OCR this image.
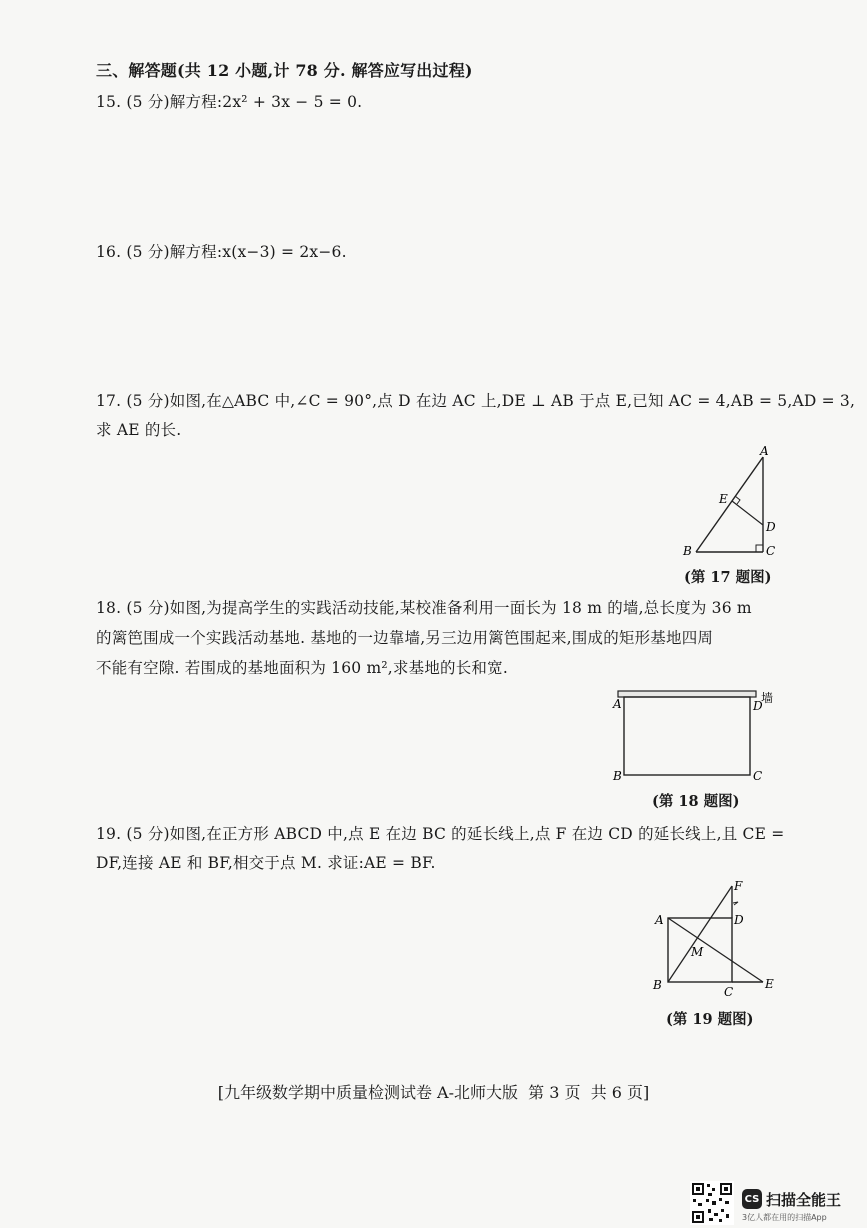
三、解答题(共 12 小题,计 78 分. 解答应写出过程)
15. (5 分)解方程:2x² + 3x − 5 = 0.
16. (5 分)解方程:x(x−3) = 2x−6.
17. (5 分)如图,在△ABC 中,∠C = 90°,点 D 在边 AC 上,DE ⊥ AB 于点 E,已知 AC = 4,AB = 5,AD = 3,
求 AE 的长.
A
B	C
D
E
(第 17 题图)
18. (5 分)如图,为提高学生的实践活动技能,某校准备利用一面长为 18 m 的墙,总长度为 36 m
的篱笆围成一个实践活动基地. 基地的一边靠墙,另三边用篱笆围起来,围成的矩形基地四周
不能有空隙. 若围成的基地面积为 160 m²,求基地的长和宽.
A	D
B	C
墙
(第 18 题图)
19. (5 分)如图,在正方形 ABCD 中,点 E 在边 BC 的延长线上,点 F 在边 CD 的延长线上,且 CE =
DF,连接 AE 和 BF,相交于点 M. 求证:AE = BF.
A	D
B	C
E
F
M
(第 19 题图)
[九年级数学期中质量检测试卷 A-北师大版  第 3 页  共 6 页]
CS 扫描全能王
3亿人都在用的扫描App
